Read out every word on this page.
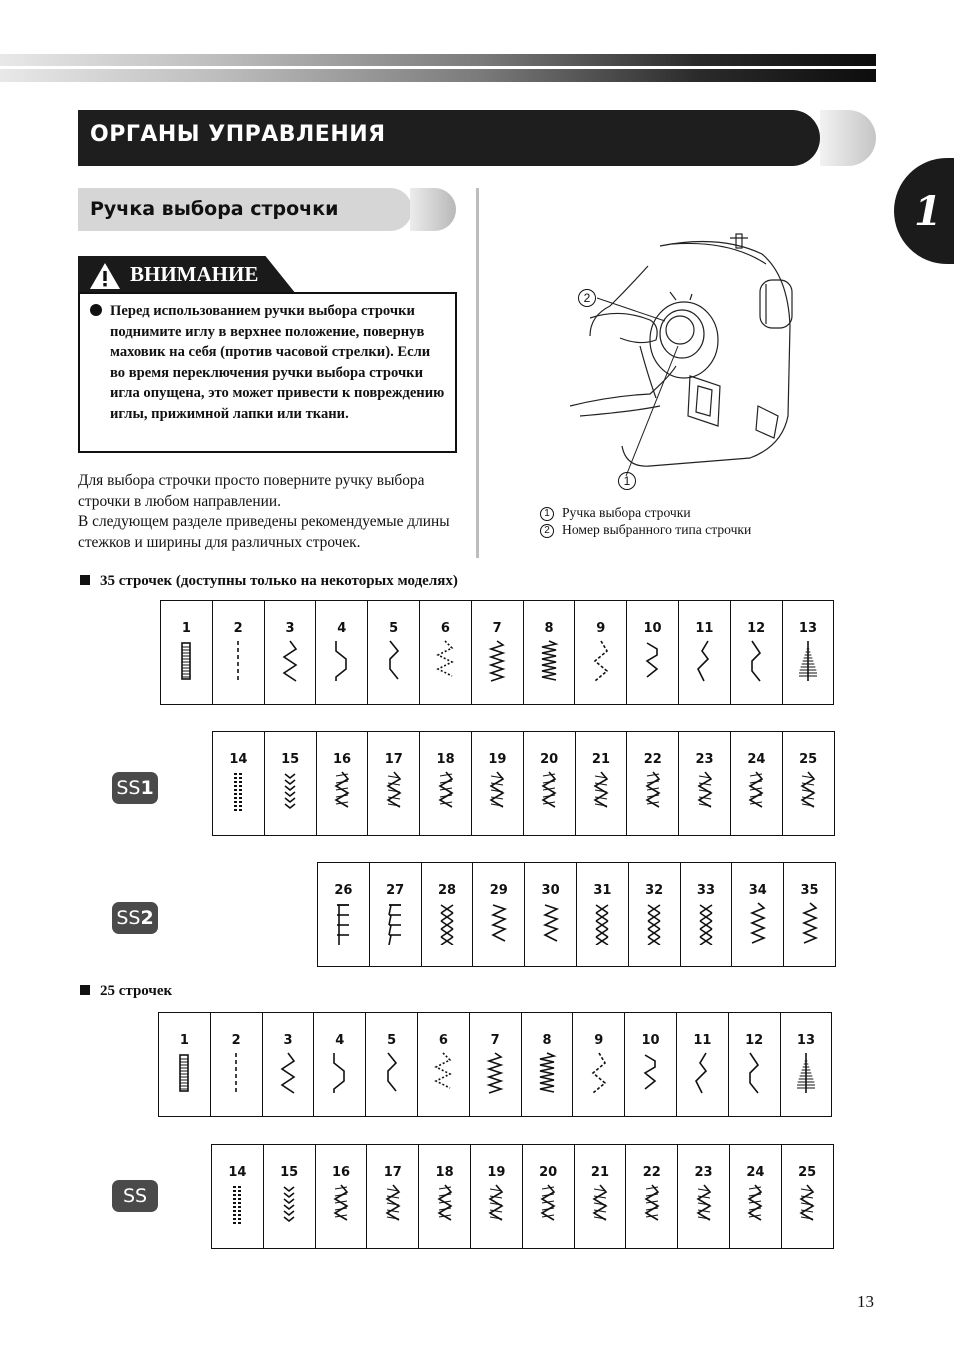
ОРГАНЫ УПРАВЛЕНИЯ
1
Ручка выбора строчки
ВНИМАНИЕ
Перед использованием ручки выбора строчки поднимите иглу в верхнее положение, повернув маховик на себя (против часовой стрелки). Если во время переключения ручки выбора строчки игла опущена, это может привести к повреждению иглы, прижимной лапки или ткани.
Для выбора строчки просто поверните ручку выбора строчки в любом направлении.
В следующем разделе приведены рекомендуемые длины стежков и ширины для различных строчек.
2
1
1 Ручка выбора строчки
2 Номер выбранного типа строчки
35 строчек (доступны только на некоторых моделях)
1	2	3	4	5	6	7	8	9	10	11	12	13
SS1
14	15	16	17	18	19	20	21	22	23	24	25
SS2
26	27	28	29	30	31	32	33	34	35
25 строчек
1	2	3	4	5	6	7	8	9	10	11	12	13
SS
14	15	16	17	18	19	20	21	22	23	24	25
13
